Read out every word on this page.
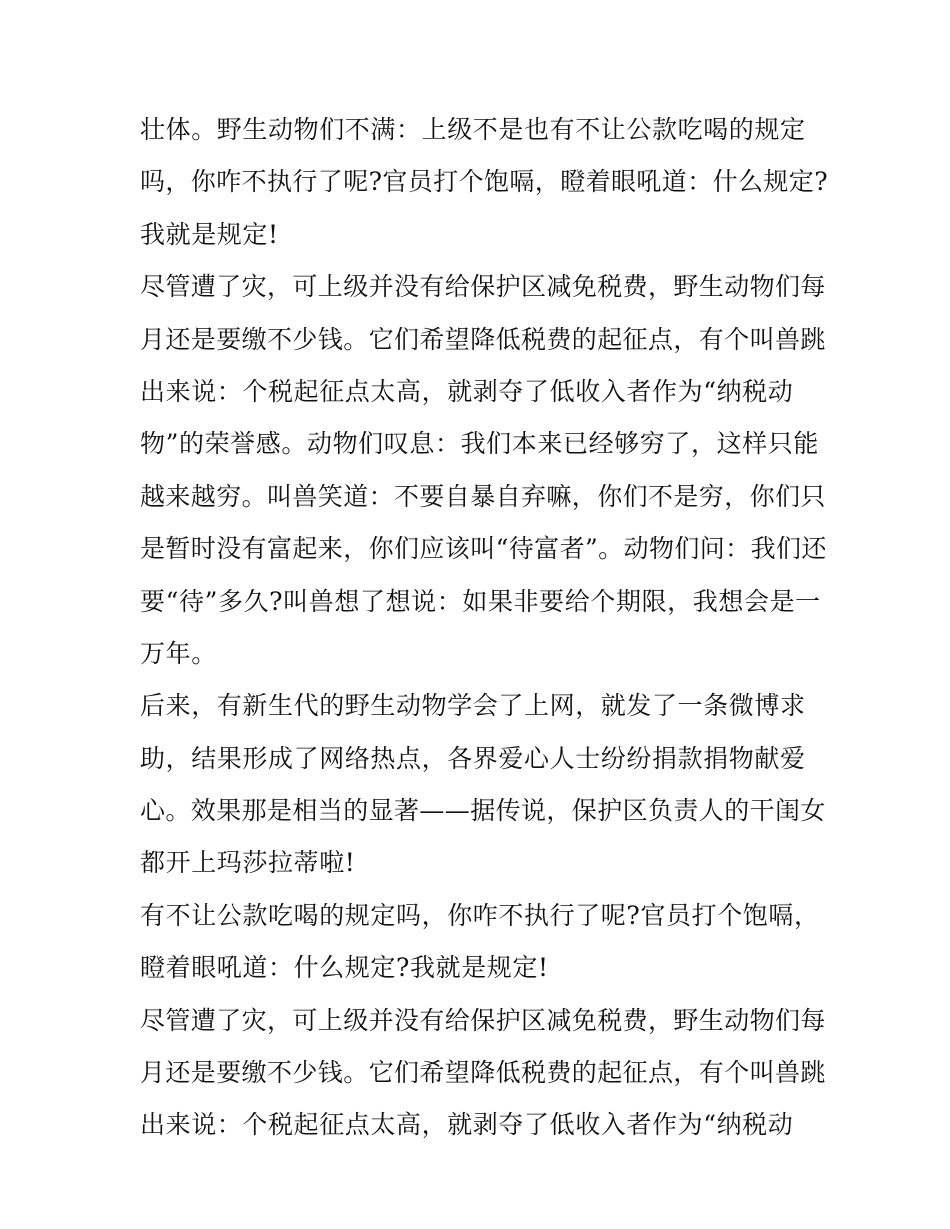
壮体。野生动物们不满：上级不是也有不让公款吃喝的规定
吗，你咋不执行了呢?官员打个饱嗝，瞪着眼吼道：什么规定?
我就是规定!
尽管遭了灾，可上级并没有给保护区减免税费，野生动物们每
月还是要缴不少钱。它们希望降低税费的起征点，有个叫兽跳
出来说：个税起征点太高，就剥夺了低收入者作为“纳税动
物”的荣誉感。动物们叹息：我们本来已经够穷了，这样只能
越来越穷。叫兽笑道：不要自暴自弃嘛，你们不是穷，你们只
是暂时没有富起来，你们应该叫“待富者”。动物们问：我们还
要“待”多久?叫兽想了想说：如果非要给个期限，我想会是一
万年。
后来，有新生代的野生动物学会了上网，就发了一条微博求
助，结果形成了网络热点，各界爱心人士纷纷捐款捐物献爱
心。效果那是相当的显著——据传说，保护区负责人的干闺女
都开上玛莎拉蒂啦!
有不让公款吃喝的规定吗，你咋不执行了呢?官员打个饱嗝，
瞪着眼吼道：什么规定?我就是规定!
尽管遭了灾，可上级并没有给保护区减免税费，野生动物们每
月还是要缴不少钱。它们希望降低税费的起征点，有个叫兽跳
出来说：个税起征点太高，就剥夺了低收入者作为“纳税动
